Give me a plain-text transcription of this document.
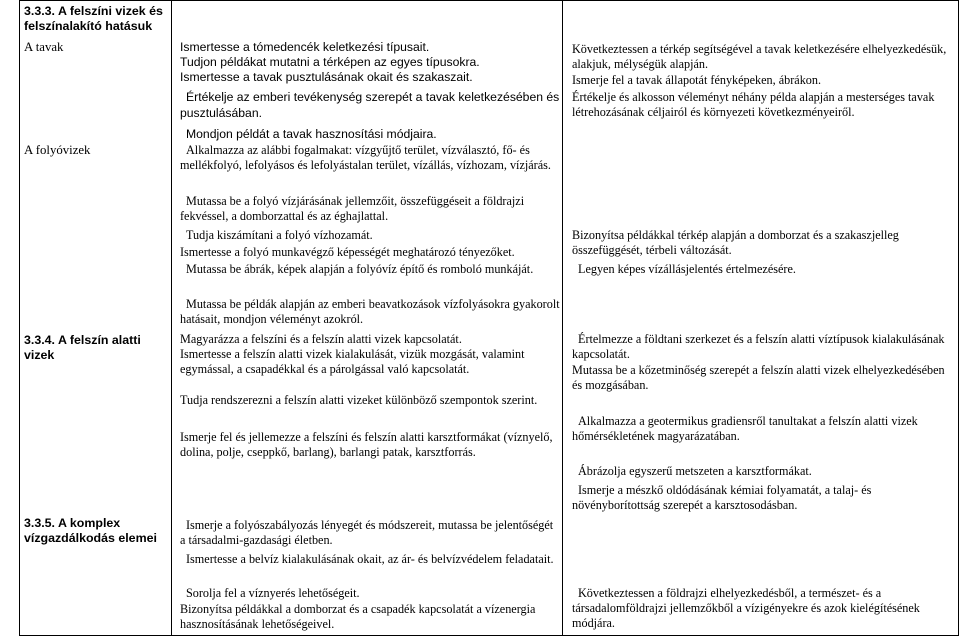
3.3.3. A felszíni vizek és felszínalakító hatásuk
A tavak
A folyóvizek
3.3.4. A felszín alatti vizek
3.3.5. A komplex vízgazdálkodás elemei
Ismertesse a tómedencék keletkezési típusait.
Tudjon példákat mutatni a térképen az egyes típusokra.
Ismertesse a tavak pusztulásának okait és szakaszait.
Értékelje az emberi tevékenység szerepét a tavak keletkezésében és pusztulásában.
Mondjon példát a tavak hasznosítási módjaira.
Alkalmazza az alábbi fogalmakat: vízgyűjtő terület, vízválasztó, fő- és mellékfolyó, lefolyásos és lefolyástalan terület, vízállás, vízhozam, vízjárás.
Mutassa be a folyó vízjárásának jellemzőit, összefüggéseit a földrajzi fekvéssel, a domborzattal és az éghajlattal.
Tudja kiszámítani a folyó vízhozamát.
Ismertesse a folyó munkavégző képességét meghatározó tényezőket.
Mutassa be ábrák, képek alapján a folyóvíz építő és romboló munkáját.
Mutassa be példák alapján az emberi beavatkozások vízfolyásokra gyakorolt hatásait, mondjon véleményt azokról.
Magyarázza a felszíni és a felszín alatti vizek kapcsolatát.
Ismertesse a felszín alatti vizek kialakulását, vizük mozgását, valamint egymással, a csapadékkal és a párolgással való kapcsolatát.
Tudja rendszerezni a felszín alatti vizeket különböző szempontok szerint.
Ismerje fel és jellemezze a felszíni és felszín alatti karsztformákat (víznyelő, dolina, polje, cseppkő, barlang), barlangi patak, karsztforrás.
Ismerje a folyószabályozás lényegét és módszereit, mutassa be jelentőségét a társadalmi-gazdasági életben.
Ismertesse a belvíz kialakulásának okait, az ár- és belvízvédelem feladatait.
Sorolja fel a víznyerés lehetőségeit.
Bizonyítsa példákkal a domborzat és a csapadék kapcsolatát a vízenergia hasznosításának lehetőségeivel.
Következtessen a térkép segítségével a tavak keletkezésére elhelyezkedésük, alakjuk, mélységük alapján.
Ismerje fel a tavak állapotát fényképeken, ábrákon.
Értékelje és alkosson véleményt néhány példa alapján a mesterséges tavak létrehozásának céljairól és környezeti következményeiről.
Bizonyítsa példákkal térkép alapján a domborzat és a szakaszjelleg összefüggését, térbeli változását.
Legyen képes vízállásjelentés értelmezésére.
Értelmezze a földtani szerkezet és a felszín alatti víztípusok kialakulásának kapcsolatát.
Mutassa be a kőzetminőség szerepét a felszín alatti vizek elhelyezkedésében és mozgásában.
Alkalmazza a geotermikus gradiensről tanultakat a felszín alatti vizek hőmérsékletének magyarázatában.
Ábrázolja egyszerű metszeten a karsztformákat.
Ismerje a mészkő oldódásának kémiai folyamatát, a talaj- és növényborítottság szerepét a karsztosodásban.
Következtessen a földrajzi elhelyezkedésből, a természet- és a társadalomföldrajzi jellemzőkből a vízigényekre és azok kielégítésének módjára.
